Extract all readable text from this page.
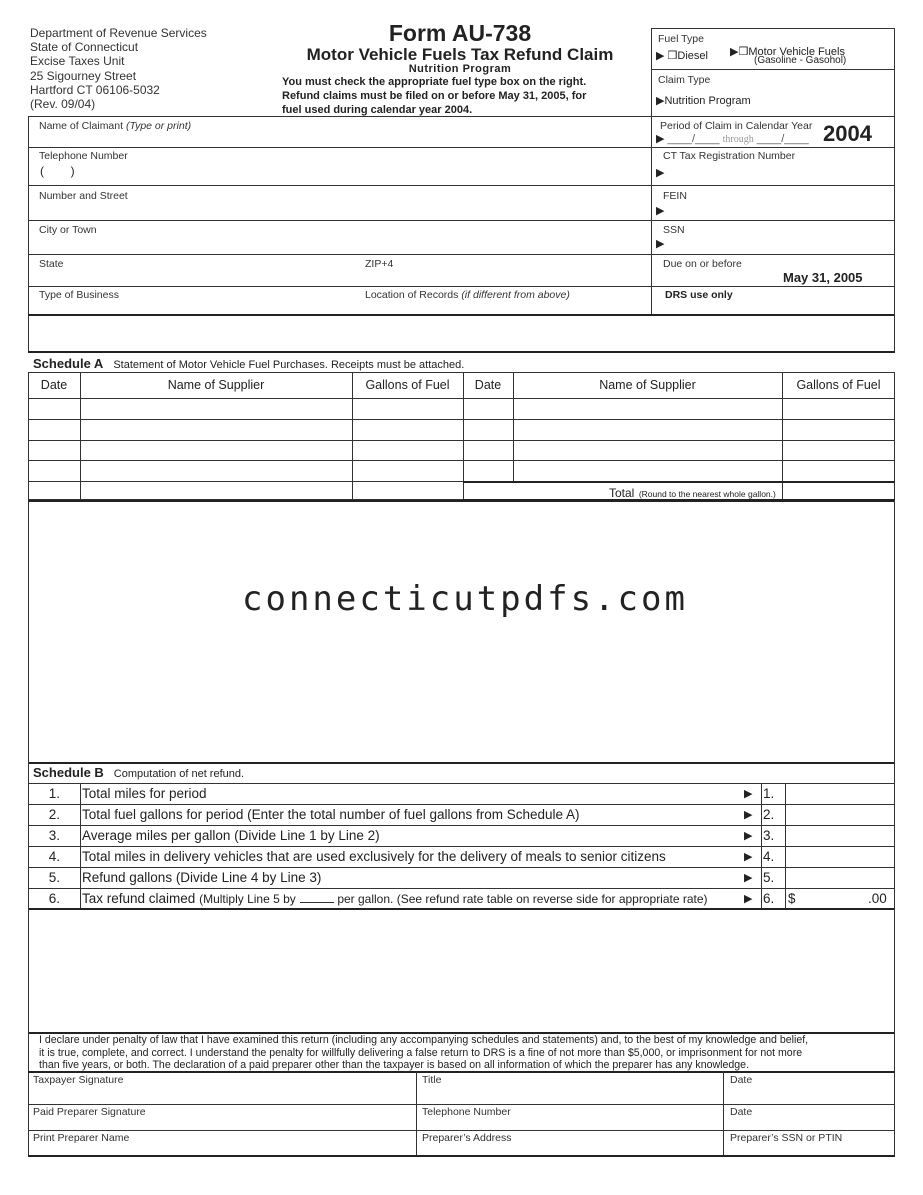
Department of Revenue Services
State of Connecticut
Excise Taxes Unit
25 Sigourney Street
Hartford CT 06106-5032
(Rev. 09/04)
Form AU-738
Motor Vehicle Fuels Tax Refund Claim
Nutrition Program
You must check the appropriate fuel type box on the right.
Refund claims must be filed on or before May 31, 2005, for
fuel used during calendar year 2004.
Fuel Type
▶ ❒Diesel ▶❒Motor Vehicle Fuels
(Gasoline - Gasohol)
Claim Type
▶Nutrition Program
Name of Claimant (Type or print)	Period of Claim in Calendar Year 2004
▶ ____/____ through ____/____
Telephone Number
(        )
CT Tax Registration Number
▶
Number and Street	FEIN
▶
City or Town	SSN
▶
State	ZIP+4	Due on or before
May 31, 2005
Type of Business	Location of Records (if different from above)	DRS use only
Schedule A Statement of Motor Vehicle Fuel Purchases. Receipts must be attached.
Date	Name of Supplier	Gallons of Fuel	Date	Name of Supplier	Gallons of Fuel
Total (Round to the nearest whole gallon.)
connecticutpdfs.com
Schedule B Computation of net refund.
1. Total miles for period	▶ 1.
2. Total fuel gallons for period (Enter the total number of fuel gallons from Schedule A)	▶ 2.
3. Average miles per gallon (Divide Line 1 by Line 2)	▶ 3.
4. Total miles in delivery vehicles that are used exclusively for the delivery of meals to senior citizens	▶ 4.
5. Refund gallons (Divide Line 4 by Line 3)	▶ 5.
6. Tax refund claimed (Multiply Line 5 by	per gallon. (See refund rate table on reverse side for appropriate rate)	▶ 6. $	.00
I declare under penalty of law that I have examined this return (including any accompanying schedules and statements) and, to the best of my knowledge and belief,
it is true, complete, and correct. I understand the penalty for willfully delivering a false return to DRS is a fine of not more than $5,000, or imprisonment for not more
than five years, or both. The declaration of a paid preparer other than the taxpayer is based on all information of which the preparer has any knowledge.
Taxpayer Signature	Title	Date
Paid Preparer Signature	Telephone Number	Date
Print Preparer Name	Preparer’s Address	Preparer’s SSN or PTIN
